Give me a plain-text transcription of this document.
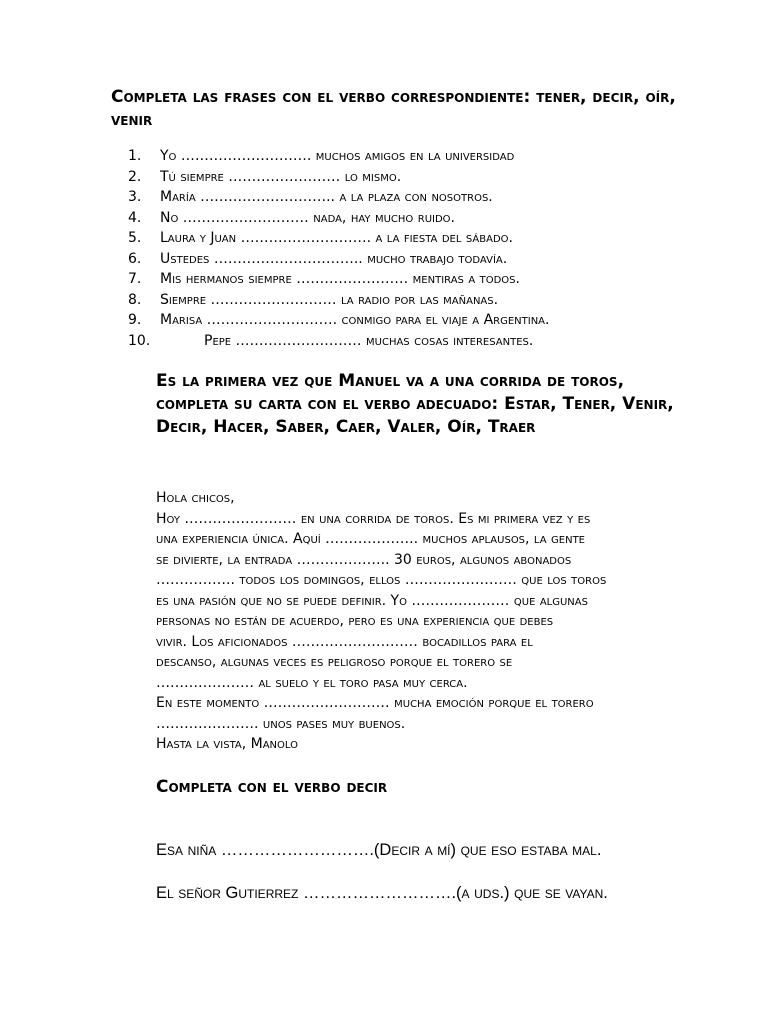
Completa las frases con el verbo correspondiente: tener, decir, oír, venir
1. Yo ………………………. muchos amigos en la universidad
2. Tú siempre …………………… lo mismo.
3. María ……………………….. a la plaza con nosotros.
4. No ……………………… nada, hay mucho ruido.
5. Laura y Juan ………………………. a la fiesta del sábado.
6. Ustedes ………………………….. mucho trabajo todavía.
7. Mis hermanos siempre …………………… mentiras a todos.
8. Siempre ……………………… la radio por las mañanas.
9. Marisa ………………………. conmigo para el viaje a Argentina.
10.	Pepe ……………………… muchas cosas interesantes.
Es la primera vez que Manuel va a una corrida de toros,
completa su carta con el verbo adecuado: Estar, Tener, Venir, Decir, Hacer, Saber, Caer, Valer, Oír, Traer

Hola chicos,

Hoy …………………… en una corrida de toros. Es mi primera vez y es

una experiencia única. Aquí ……………….. muchos aplausos, la gente

se divierte, la entrada ……………….. 30 euros, algunos abonados

…………….. todos los domingos, ellos …………………… que los toros

es una pasión que no se puede definir. Yo ………………… que algunas

personas no están de acuerdo, pero es una experiencia que debes

vivir. Los aficionados ……………………… bocadillos para el

descanso, algunas veces es peligroso porque el torero se

………………… al suelo y el toro pasa muy cerca.

En este momento ……………………… mucha emoción porque el torero

…………………. unos pases muy buenos.

Hasta la vista, Manolo

Completa con el verbo decir
Esa niña ……………………….(Decir a mí) que eso estaba mal.
El señor Gutierrez ……………………….(a uds.) que se vayan.
